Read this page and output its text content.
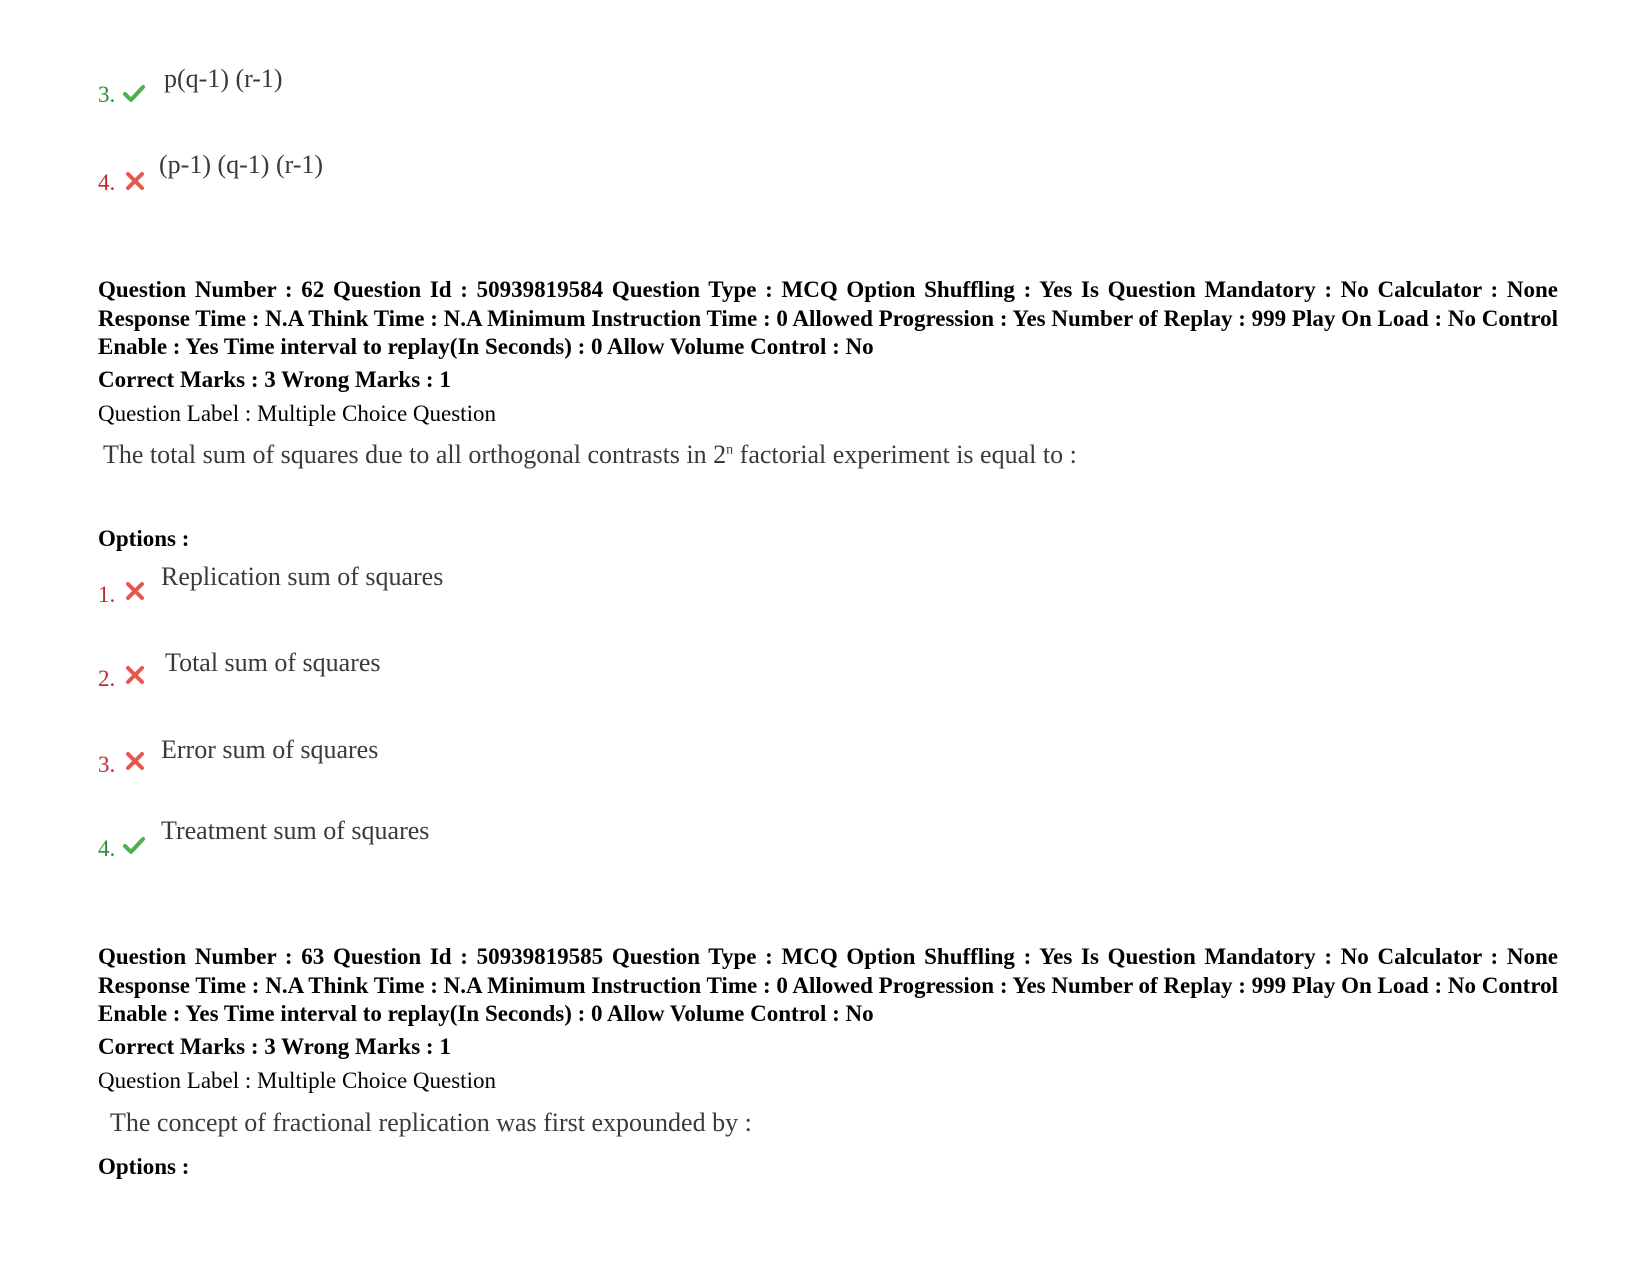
3.
p(q-1) (r-1)
4.
(p-1) (q-1) (r-1)
Question Number : 62 Question Id : 50939819584 Question Type : MCQ Option Shuffling : Yes Is Question Mandatory : No Calculator : None Response Time : N.A Think Time : N.A Minimum Instruction Time : 0 Allowed Progression : Yes Number of Replay : 999 Play On Load : No Control Enable : Yes Time interval to replay(In Seconds) : 0 Allow Volume Control : No
Correct Marks : 3 Wrong Marks : 1
Question Label : Multiple Choice Question
The total sum of squares due to all orthogonal contrasts in 2$^n$ factorial experiment is equal to :
Options :
1.
Replication sum of squares
2.
Total sum of squares
3.
Error sum of squares
4.
Treatment sum of squares
Question Number : 63 Question Id : 50939819585 Question Type : MCQ Option Shuffling : Yes Is Question Mandatory : No Calculator : None Response Time : N.A Think Time : N.A Minimum Instruction Time : 0 Allowed Progression : Yes Number of Replay : 999 Play On Load : No Control Enable : Yes Time interval to replay(In Seconds) : 0 Allow Volume Control : No
Correct Marks : 3 Wrong Marks : 1
Question Label : Multiple Choice Question
The concept of fractional replication was first expounded by :
Options :
